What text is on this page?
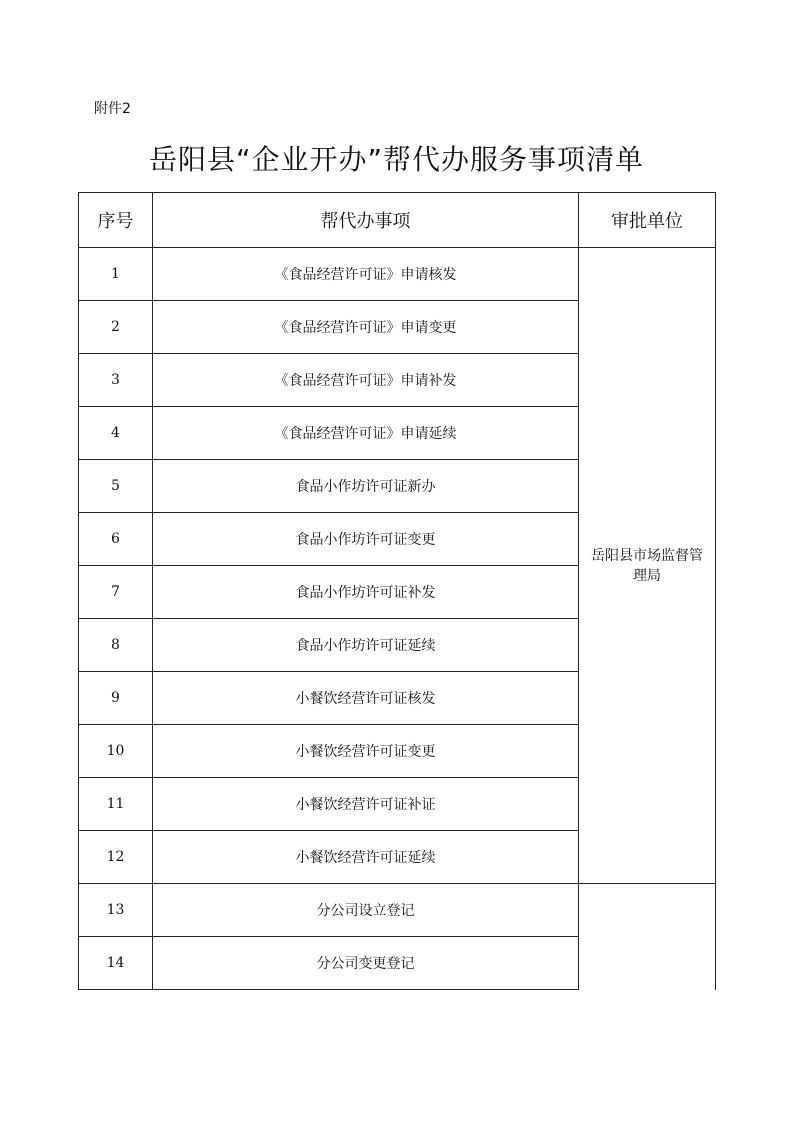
附件2
岳阳县“企业开办”帮代办服务事项清单
序号	帮代办事项	审批单位
1	《食品经营许可证》申请核发	岳阳县市场监督管理局
2	《食品经营许可证》申请变更	
3	《食品经营许可证》申请补发	
4	《食品经营许可证》申请延续	
5	食品小作坊许可证新办	
6	食品小作坊许可证变更	
7	食品小作坊许可证补发	
8	食品小作坊许可证延续	
9	小餐饮经营许可证核发	
10	小餐饮经营许可证变更	
11	小餐饮经营许可证补证	
12	小餐饮经营许可证延续	
13	分公司设立登记	
14	分公司变更登记	
